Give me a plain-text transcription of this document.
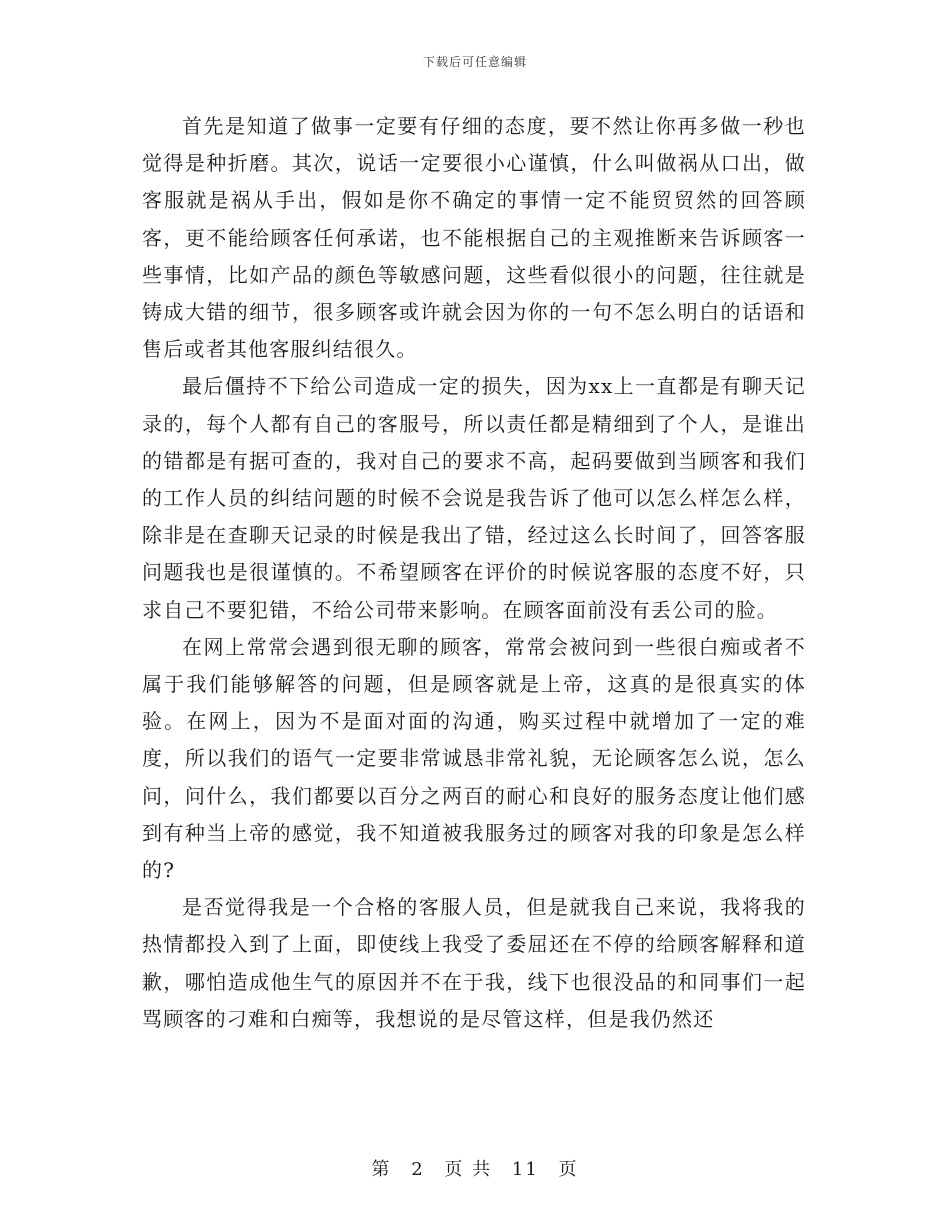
下载后可任意编辑

首先是知道了做事一定要有仔细的态度，要不然让你再多做一秒也觉得是种折磨。其次，说话一定要很小心谨慎，什么叫做祸从口出，做客服就是祸从手出，假如是你不确定的事情一定不能贸贸然的回答顾客，更不能给顾客任何承诺，也不能根据自己的主观推断来告诉顾客一些事情，比如产品的颜色等敏感问题，这些看似很小的问题，往往就是铸成大错的细节，很多顾客或许就会因为你的一句不怎么明白的话语和售后或者其他客服纠结很久。

最后僵持不下给公司造成一定的损失，因为xx上一直都是有聊天记录的，每个人都有自己的客服号，所以责任都是精细到了个人，是谁出的错都是有据可查的，我对自己的要求不高，起码要做到当顾客和我们的工作人员的纠结问题的时候不会说是我告诉了他可以怎么样怎么样，除非是在查聊天记录的时候是我出了错，经过这么长时间了，回答客服问题我也是很谨慎的。不希望顾客在评价的时候说客服的态度不好，只求自己不要犯错，不给公司带来影响。在顾客面前没有丢公司的脸。

在网上常常会遇到很无聊的顾客，常常会被问到一些很白痴或者不属于我们能够解答的问题，但是顾客就是上帝，这真的是很真实的体验。在网上，因为不是面对面的沟通，购买过程中就增加了一定的难度，所以我们的语气一定要非常诚恳非常礼貌，无论顾客怎么说，怎么问，问什么，我们都要以百分之两百的耐心和良好的服务态度让他们感到有种当上帝的感觉，我不知道被我服务过的顾客对我的印象是怎么样的?

是否觉得我是一个合格的客服人员，但是就我自己来说，我将我的热情都投入到了上面，即使线上我受了委屈还在不停的给顾客解释和道歉，哪怕造成他生气的原因并不在于我，线下也很没品的和同事们一起骂顾客的刁难和白痴等，我想说的是尽管这样，但是我仍然还

第 2 页 共 11 页
